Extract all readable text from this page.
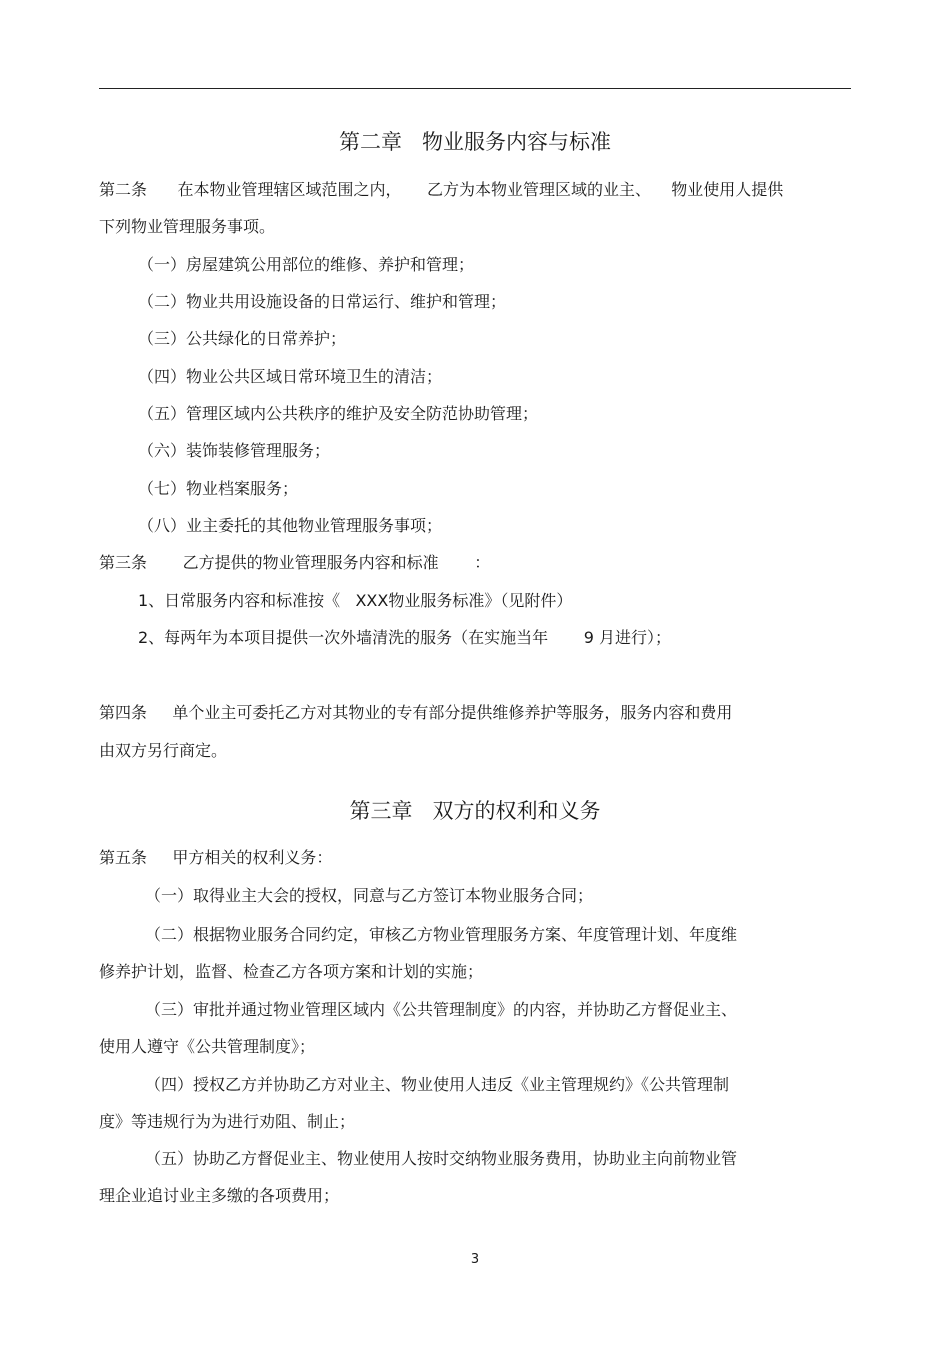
第二章   物业服务内容与标准
第二条      在本物业管理辖区域范围之内，     乙方为本物业管理区域的业主、    物业使用人提供
下列物业管理服务事项。
（一）房屋建筑公用部位的维修、养护和管理；
（二）物业共用设施设备的日常运行、维护和管理；
（三）公共绿化的日常养护；
（四）物业公共区域日常环境卫生的清洁；
（五）管理区域内公共秩序的维护及安全防范协助管理；
（六）装饰装修管理服务；
（七）物业档案服务；
（八）业主委托的其他物业管理服务事项；
第三条       乙方提供的物业管理服务内容和标准       ：
1、日常服务内容和标准按《   XXX物业服务标准》（见附件）
2、每两年为本项目提供一次外墙清洗的服务（在实施当年       9 月进行）；
第四条     单个业主可委托乙方对其物业的专有部分提供维修养护等服务，服务内容和费用
由双方另行商定。
第三章   双方的权利和义务
第五条     甲方相关的权利义务：
（一）取得业主大会的授权，同意与乙方签订本物业服务合同；
（二）根据物业服务合同约定，审核乙方物业管理服务方案、年度管理计划、年度维
修养护计划，监督、检查乙方各项方案和计划的实施；
（三）审批并通过物业管理区域内《公共管理制度》的内容，并协助乙方督促业主、
使用人遵守《公共管理制度》；
（四）授权乙方并协助乙方对业主、物业使用人违反《业主管理规约》《公共管理制
度》等违规行为为进行劝阻、制止；
（五）协助乙方督促业主、物业使用人按时交纳物业服务费用，协助业主向前物业管
理企业追讨业主多缴的各项费用；
3
